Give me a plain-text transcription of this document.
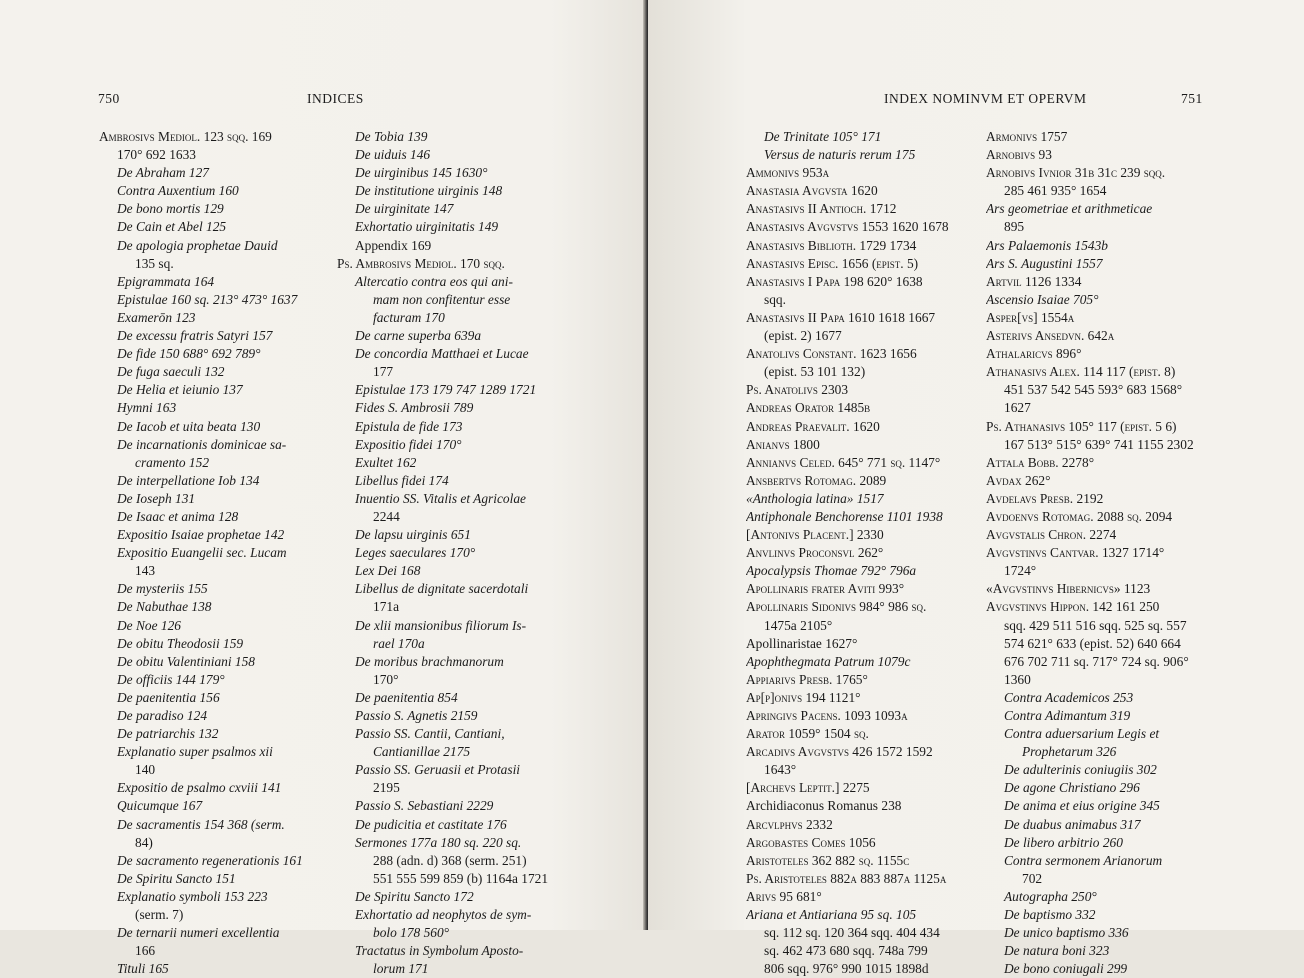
750	INDICES
Ambrosivs Mediol. 123 sqq. 169
170° 692 1633
De Abraham 127
Contra Auxentium 160
De bono mortis 129
De Cain et Abel 125
De apologia prophetae Dauid
135 sq.
Epigrammata 164
Epistulae 160 sq. 213° 473° 1637
Examerōn 123
De excessu fratris Satyri 157
De fide 150 688° 692 789°
De fuga saeculi 132
De Helia et ieiunio 137
Hymni 163
De Iacob et uita beata 130
De incarnationis dominicae sa-
cramento 152
De interpellatione Iob 134
De Ioseph 131
De Isaac et anima 128
Expositio Isaiae prophetae 142
Expositio Euangelii sec. Lucam
143
De mysteriis 155
De Nabuthae 138
De Noe 126
De obitu Theodosii 159
De obitu Valentiniani 158
De officiis 144 179°
De paenitentia 156
De paradiso 124
De patriarchis 132
Explanatio super psalmos xii
140
Expositio de psalmo cxviii 141
Quicumque 167
De sacramentis 154 368 (serm.
84)
De sacramento regenerationis 161
De Spiritu Sancto 151
Explanatio symboli 153 223
(serm. 7)
De ternarii numeri excellentia
166
Tituli 165
De Tobia 139
De uiduis 146
De uirginibus 145 1630°
De institutione uirginis 148
De uirginitate 147
Exhortatio uirginitatis 149
Appendix 169
Ps. Ambrosivs Mediol. 170 sqq.
Altercatio contra eos qui ani-
mam non confitentur esse
facturam 170
De carne superba 639a
De concordia Matthaei et Lucae
177
Epistulae 173 179 747 1289 1721
Fides S. Ambrosii 789
Epistula de fide 173
Expositio fidei 170°
Exultet 162
Libellus fidei 174
Inuentio SS. Vitalis et Agricolae
2244
De lapsu uirginis 651
Leges saeculares 170°
Lex Dei 168
Libellus de dignitate sacerdotali
171a
De xlii mansionibus filiorum Is-
rael 170a
De moribus brachmanorum
170°
De paenitentia 854
Passio S. Agnetis 2159
Passio SS. Cantii, Cantiani,
Cantianillae 2175
Passio SS. Geruasii et Protasii
2195
Passio S. Sebastiani 2229
De pudicitia et castitate 176
Sermones 177a 180 sq. 220 sq.
288 (adn. d) 368 (serm. 251)
551 555 599 859 (b) 1164a 1721
De Spiritu Sancto 172
Exhortatio ad neophytos de sym-
bolo 178 560°
Tractatus in Symbolum Aposto-
lorum 171
INDEX NOMINVM ET OPERVM	751
De Trinitate 105° 171
Versus de naturis rerum 175
Ammonivs 953a
Anastasia Avgvsta 1620
Anastasivs II Antioch. 1712
Anastasivs Avgvstvs 1553 1620 1678
Anastasivs Biblioth. 1729 1734
Anastasivs Episc. 1656 (epist. 5)
Anastasivs I Papa 198 620° 1638
sqq.
Anastasivs II Papa 1610 1618 1667
(epist. 2) 1677
Anatolivs Constant. 1623 1656
(epist. 53 101 132)
Ps. Anatolivs 2303
Andreas Orator 1485b
Andreas Praevalit. 1620
Anianvs 1800
Annianvs Celed. 645° 771 sq. 1147°
Ansbertvs Rotomag. 2089
«Anthologia latina» 1517
Antiphonale Benchorense 1101 1938
[Antonivs Placent.] 2330
Anvlinvs Proconsvl 262°
Apocalypsis Thomae 792° 796a
Apollinaris frater Aviti 993°
Apollinaris Sidonivs 984° 986 sq.
1475a 2105°
Apollinaristae 1627°
Apophthegmata Patrum 1079c
Appiarivs Presb. 1765°
Ap[p]onivs 194 1121°
Apringivs Pacens. 1093 1093a
Arator 1059° 1504 sq.
Arcadivs Avgvstvs 426 1572 1592
1643°
[Archevs Leptit.] 2275
Archidiaconus Romanus 238
Arcvlphvs 2332
Argobastes Comes 1056
Aristoteles 362 882 sq. 1155c
Ps. Aristoteles 882a 883 887a 1125a
Arivs 95 681°
Ariana et Antiariana 95 sq. 105
sq. 112 sq. 120 364 sqq. 404 434
sq. 462 473 680 sqq. 748a 799
806 sqq. 976° 990 1015 1898d
Armonivs 1757
Arnobivs 93
Arnobivs Ivnior 31b 31c 239 sqq.
285 461 935° 1654
Ars geometriae et arithmeticae
895
Ars Palaemonis 1543b
Ars S. Augustini 1557
Artvil 1126 1334
Ascensio Isaiae 705°
Asper[vs] 1554a
Asterivs Ansedvn. 642a
Athalaricvs 896°
Athanasivs Alex. 114 117 (epist. 8)
451 537 542 545 593° 683 1568°
1627
Ps. Athanasivs 105° 117 (epist. 5 6)
167 513° 515° 639° 741 1155 2302
Attala Bobb. 2278°
Avdax 262°
Avdelavs Presb. 2192
Avdoenvs Rotomag. 2088 sq. 2094
Avgvstalis Chron. 2274
Avgvstinvs Cantvar. 1327 1714°
1724°
«Avgvstinvs Hibernicvs» 1123
Avgvstinvs Hippon. 142 161 250
sqq. 429 511 516 sqq. 525 sq. 557
574 621° 633 (epist. 52) 640 664
676 702 711 sq. 717° 724 sq. 906°
1360
Contra Academicos 253
Contra Adimantum 319
Contra aduersarium Legis et
Prophetarum 326
De adulterinis coniugiis 302
De agone Christiano 296
De anima et eius origine 345
De duabus animabus 317
De libero arbitrio 260
Contra sermonem Arianorum
702
Autographa 250°
De baptismo 332
De unico baptismo 336
De natura boni 323
De bono coniugali 299
